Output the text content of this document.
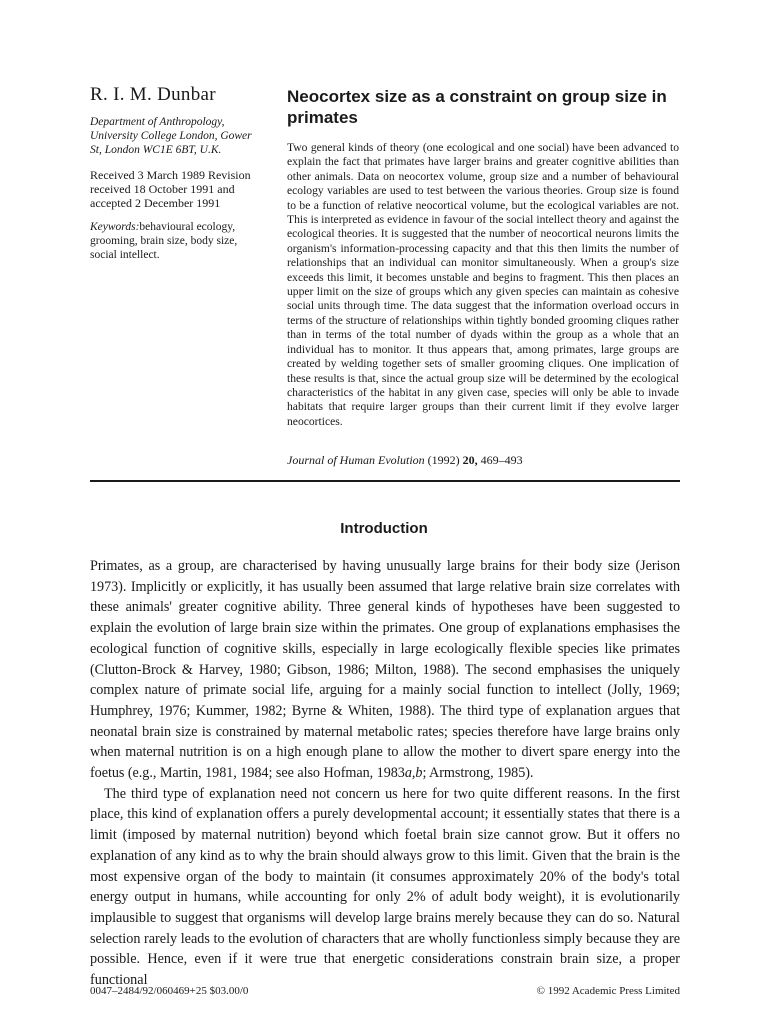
R. I. M. Dunbar

Department of Anthropology, University College London, Gower St, London WC1E 6BT, U.K.

Received 3 March 1989 Revision received 18 October 1991 and accepted 2 December 1991

Keywords:behavioural ecology, grooming, brain size, body size, social intellect.

Neocortex size as a constraint on group size in primates

Two general kinds of theory (one ecological and one social) have been advanced to explain the fact that primates have larger brains and greater cognitive abilities than other animals. Data on neocortex volume, group size and a number of behavioural ecology variables are used to test between the various theories. Group size is found to be a function of relative neocortical volume, but the ecological variables are not. This is interpreted as evidence in favour of the social intellect theory and against the ecological theories. It is suggested that the number of neocortical neurons limits the organism's information-processing capacity and that this then limits the number of relationships that an individual can monitor simultaneously. When a group's size exceeds this limit, it becomes unstable and begins to fragment. This then places an upper limit on the size of groups which any given species can maintain as cohesive social units through time. The data suggest that the information overload occurs in terms of the structure of relationships within tightly bonded grooming cliques rather than in terms of the total number of dyads within the group as a whole that an individual has to monitor. It thus appears that, among primates, large groups are created by welding together sets of smaller grooming cliques. One implication of these results is that, since the actual group size will be determined by the ecological characteristics of the habitat in any given case, species will only be able to invade habitats that require larger groups than their current limit if they evolve larger neocortices.

Journal of Human Evolution (1992) 20, 469–493
Introduction

Primates, as a group, are characterised by having unusually large brains for their body size (Jerison 1973). Implicitly or explicitly, it has usually been assumed that large relative brain size correlates with these animals' greater cognitive ability. Three general kinds of hypotheses have been suggested to explain the evolution of large brain size within the primates. One group of explanations emphasises the ecological function of cognitive skills, especially in large ecologically flexible species like primates (Clutton-Brock & Harvey, 1980; Gibson, 1986; Milton, 1988). The second emphasises the uniquely complex nature of primate social life, arguing for a mainly social function to intellect (Jolly, 1969; Humphrey, 1976; Kummer, 1982; Byrne & Whiten, 1988). The third type of explanation argues that neonatal brain size is constrained by maternal metabolic rates; species therefore have large brains only when maternal nutrition is on a high enough plane to allow the mother to divert spare energy into the foetus (e.g., Martin, 1981, 1984; see also Hofman, 1983a,b; Armstrong, 1985).

The third type of explanation need not concern us here for two quite different reasons. In the first place, this kind of explanation offers a purely developmental account; it essentially states that there is a limit (imposed by maternal nutrition) beyond which foetal brain size cannot grow. But it offers no explanation of any kind as to why the brain should always grow to this limit. Given that the brain is the most expensive organ of the body to maintain (it consumes approximately 20% of the body's total energy output in humans, while accounting for only 2% of adult body weight), it is evolutionarily implausible to suggest that organisms will develop large brains merely because they can do so. Natural selection rarely leads to the evolution of characters that are wholly functionless simply because they are possible. Hence, even if it were true that energetic considerations constrain brain size, a proper functional

0047–2484/92/060469+25 $03.00/0	© 1992 Academic Press Limited
